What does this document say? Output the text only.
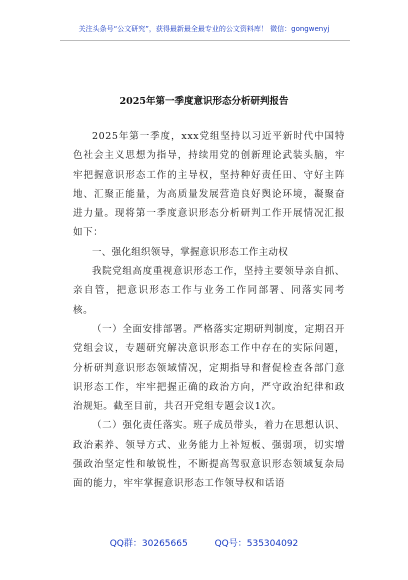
关注头条号“公文研究”，获得最新最全最专业的公文资料库！ 微信：gongwenyj
2025年第一季度意识形态分析研判报告

2025年第一季度，xxx党组坚持以习近平新时代中国特色社会主义思想为指导，持续用党的创新理论武装头脑，牢牢把握意识形态工作的主导权，坚持种好责任田、守好主阵地、汇聚正能量，为高质量发展营造良好舆论环境，凝聚奋进力量。现将第一季度意识形态分析研判工作开展情况汇报如下：

一、强化组织领导，掌握意识形态工作主动权

我院党组高度重视意识形态工作，坚持主要领导亲自抓、亲自管，把意识形态工作与业务工作同部署、同落实同考核。

（一）全面安排部署。严格落实定期研判制度，定期召开党组会议，专题研究解决意识形态工作中存在的实际问题，分析研判意识形态领域情况，定期指导和督促检查各部门意识形态工作，牢牢把握正确的政治方向，严守政治纪律和政治规矩。截至目前，共召开党组专题会议1次。

（二）强化责任落实。班子成员带头，着力在思想认识、政治素养、领导方式、业务能力上补短板、强弱项，切实增强政治坚定性和敏锐性，不断提高驾驭意识形态领域复杂局面的能力，牢牢掌握意识形态工作领导权和话语

QQ群：30265665	QQ号：535304092
